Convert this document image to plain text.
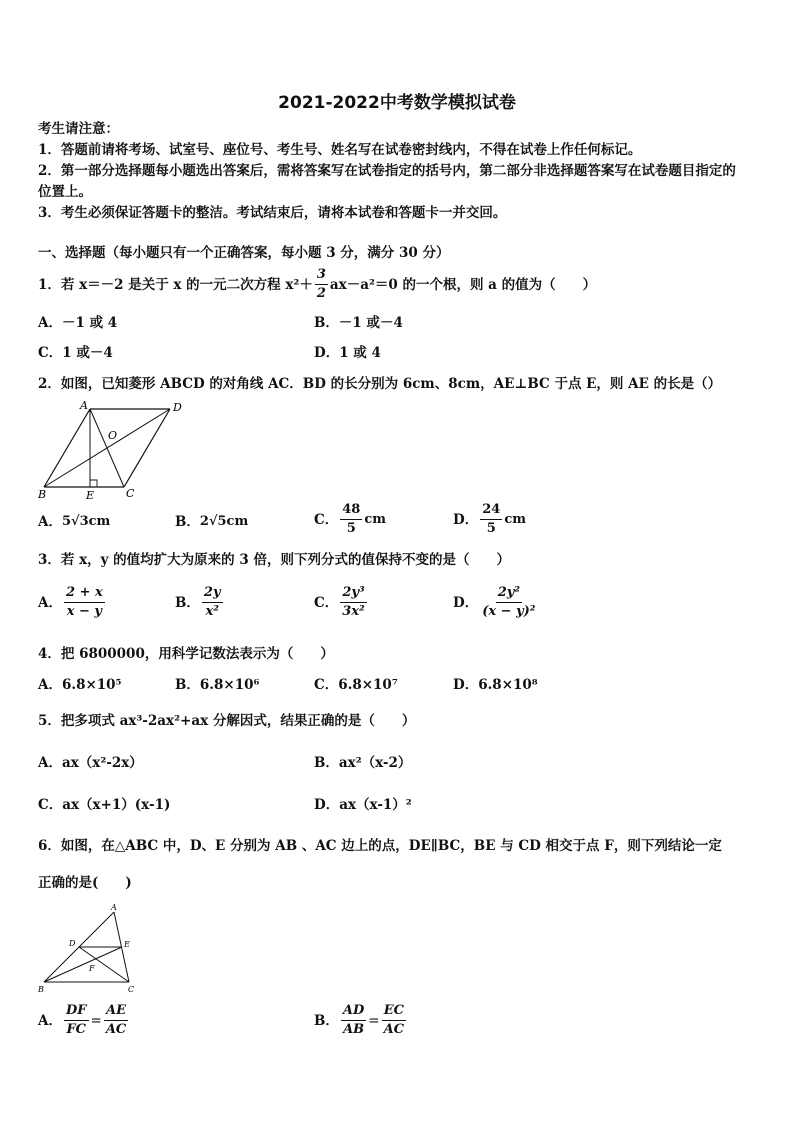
2021-2022中考数学模拟试卷
考生请注意：
1．答题前请将考场、试室号、座位号、考生号、姓名写在试卷密封线内，不得在试卷上作任何标记。
2．第一部分选择题每小题选出答案后，需将答案写在试卷指定的括号内，第二部分非选择题答案写在试卷题目指定的
位置上。
3．考生必须保证答题卡的整洁。考试结束后，请将本试卷和答题卡一并交回。
一、选择题（每小题只有一个正确答案，每小题 3 分，满分 30 分）
1．若 x＝－2 是关于 x 的一元二次方程 $x^2+ \frac{3}{2} ax-a^2=0$ 的一个根，则 a 的值为（　　）
A．－1 或 4	B．－1 或－4
C．1 或－4	D．1 或 4
2．如图，已知菱形 ABCD 的对角线 AC．BD 的长分别为 6cm、8cm，AE⊥BC 于点 E，则 AE 的长是（）
A	D
B	E	C
O
A． 5√3cm	B． 2√5cm	C． $\frac{48}{5}$ cm	D． $\frac{24}{5}$ cm
3．若 x，y 的值均扩大为原来的 3 倍，则下列分式的值保持不变的是（　　）
A． $\frac{2 + x}{x - y}$	B． $\frac{2y}{\text{x²}}$	C． $\frac{\text{2y³}}{\text{3x²}}$	D． $\frac{\text{2y²}}{\text{(x − y)²}}$
4．把 6800000，用科学记数法表示为（　　）
A．6.8×10⁵	B．6.8×10⁶	C．6.8×10⁷	D．6.8×10⁸
5．把多项式 ax³-2ax²+ax 分解因式，结果正确的是（　　）
A．ax（x²-2x）	B．ax²（x-2）
C．ax（x+1）(x-1)	D．ax（x-1）²
6．如图，在△ABC 中，D、E 分别为 AB 、AC 边上的点，DE∥BC，BE 与 CD 相交于点 F，则下列结论一定
正确的是(　　)
A
D	E
F
B	C
A． $\frac{DF}{FC} = \frac{AE}{AC}$	B． $\frac{AD}{AB} = \frac{EC}{AC}$
